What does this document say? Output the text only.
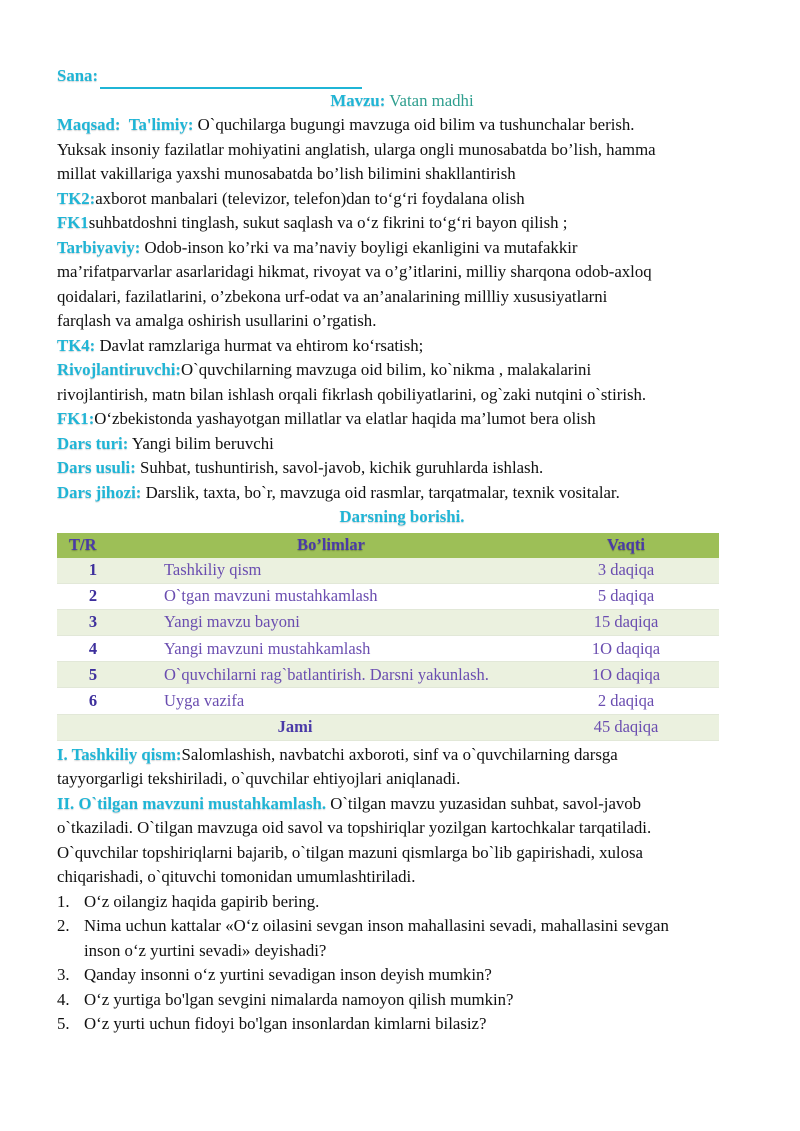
Sana:
Mavzu: Vatan madhi
Maqsad: Ta'limiy: O`quchilarga bugungi mavzuga oid bilim va tushunchalar berish.
Yuksak insoniy fazilatlar mohiyatini anglatish, ularga ongli munosabatda bo’lish, hamma
millat vakillariga yaxshi munosabatda bo’lish bilimini shakllantirish
TK2:axborot manbalari (televizor, telefon)dan to‘g‘ri foydalana olish
FK1suhbatdoshni tinglash, sukut saqlash va o‘z fikrini to‘g‘ri bayon qilish ;
Tarbiyaviy: Odob-inson ko’rki va ma’naviy boyligi ekanligini va mutafakkir
ma’rifatparvarlar asarlaridagi hikmat, rivoyat va o’g’itlarini, milliy sharqona odob-axloq
qoidalari, fazilatlarini, o’zbekona urf-odat va an’analarining millliy xususiyatlarni
farqlash va amalga oshirish usullarini o’rgatish.
TK4: Davlat ramzlariga hurmat va ehtirom ko‘rsatish;
Rivojlantiruvchi:O`quvchilarning mavzuga oid bilim, ko`nikma , malakalarini
rivojlantirish, matn bilan ishlash orqali fikrlash qobiliyatlarini, og`zaki nutqini o`stirish.
FK1:O‘zbekistonda yashayotgan millatlar va elatlar haqida ma’lumot bera olish
Dars turi: Yangi bilim beruvchi
Dars usuli: Suhbat, tushuntirish, savol-javob, kichik guruhlarda ishlash.
Dars jihozi: Darslik, taxta, bo`r, mavzuga oid rasmlar, tarqatmalar, texnik vositalar.
Darsning borishi.
T/R	Bo’limlar	Vaqti
1	Tashkiliy qism	3 daqiqa
2	O`tgan mavzuni mustahkamlash	5 daqiqa
3	Yangi mavzu bayoni	15 daqiqa
4	Yangi mavzuni mustahkamlash	1O daqiqa
5	O`quvchilarni rag`batlantirish. Darsni yakunlash.	1O daqiqa
6	Uyga vazifa	2 daqiqa
Jami		45 daqiqa
I. Tashkiliy qism:Salomlashish, navbatchi axboroti, sinf va o`quvchilarning darsga
tayyorgarligi tekshiriladi, o`quvchilar ehtiyojlari aniqlanadi.
II. O`tilgan mavzuni mustahkamlash. O`tilgan mavzu yuzasidan suhbat, savol-javob
o`tkaziladi. O`tilgan mavzuga oid savol va topshiriqlar yozilgan kartochkalar tarqatiladi.
O`quvchilar topshiriqlarni bajarib, o`tilgan mazuni qismlarga bo`lib gapirishadi, xulosa
chiqarishadi, o`qituvchi tomonidan umumlashtiriladi.
1. O‘z oilangiz haqida gapirib bering.
2. Nima uchun kattalar «O‘z oilasini sevgan inson mahallasini sevadi, mahallasini sevgan
inson o‘z yurtini sevadi» deyishadi?
3. Qanday insonni o‘z yurtini sevadigan inson deyish mumkin?
4. O‘z yurtiga bo'lgan sevgini nimalarda namoyon qilish mumkin?
5. O‘z yurti uchun fidoyi bo'lgan insonlardan kimlarni bilasiz?
